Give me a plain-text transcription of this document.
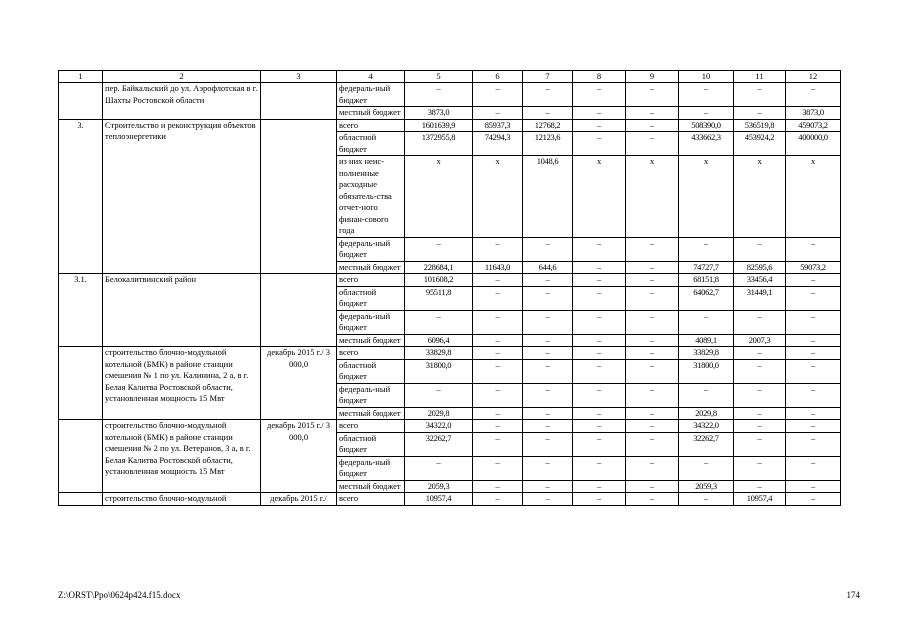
1	2	3	4	5	6	7	8	9	10	11	12
	пер. Байкальский до ул. Аэрофлотская в г. Шахты Ростовской области		федераль-ный бюджет	–	–	–	–	–	–	–	–
			местный бюджет	3873,0	–	–	–	–	–	–	3873,0
3.	Строительство и реконструкция объектов теплоэнергетики		всего	1601639,9	85937,3	12768,2	–	–	508390,0	536519,8	459073,2
			областной бюджет	1372955,8	74294,3	12123,6	–	–	433662,3	453924,2	400000,0
			из них неис-полненные расходные обязатель-ства отчет-ного финан-сового года	х	х	1048,6	х	х	х	х	х
			федераль-ный бюджет	–	–	–	–	–	–	–	–
			местный бюджет	228684,1	11643,0	644,6	–	–	74727,7	82595,6	59073,2
3.1.	Белокалитвинский район		всего	101608,2	–	–	–	–	68151,8	33456,4	–
			областной бюджет	95511,8	–	–	–	–	64062,7	31449,1	–
			федераль-ный бюджет	–	–	–	–	–	–	–	–
			местный бюджет	6096,4	–	–	–	–	4089,1	2007,3	–
	строительство блочно-модульной котельной (БМК) в районе станции смешения № 1 по ул. Калинина, 2 а, в г. Белая Калитва Ростовской области, установленная мощность 15 Мвт	декабрь 2015 г./ 3 000,0	всего	33829,8	–	–	–	–	33829,8	–	–
			областной бюджет	31800,0	–	–	–	–	31800,0	–	–
			федераль-ный бюджет	–	–	–	–	–	–	–	–
			местный бюджет	2029,8	–	–	–	–	2029,8	–	–
	строительство блочно-модульной котельной (БМК) в районе станции смешения № 2 по ул. Ветеранов, 3 а, в г. Белая Калитва Ростовской области, установленная мощность 15 Мвт	декабрь 2015 г./ 3 000,0	всего	34322,0	–	–	–	–	34322,0	–	–
			областной бюджет	32262,7	–	–	–	–	32262,7	–	–
			федераль-ный бюджет	–	–	–	–	–	–	–	–
			местный бюджет	2059,3	–	–	–	–	2059,3	–	–
	строительство блочно-модульной	декабрь 2015 г./	всего	10957,4	–	–	–	–	–	10957,4	–
Z:\ORST\Ppo\0624p424.f15.docx	174
